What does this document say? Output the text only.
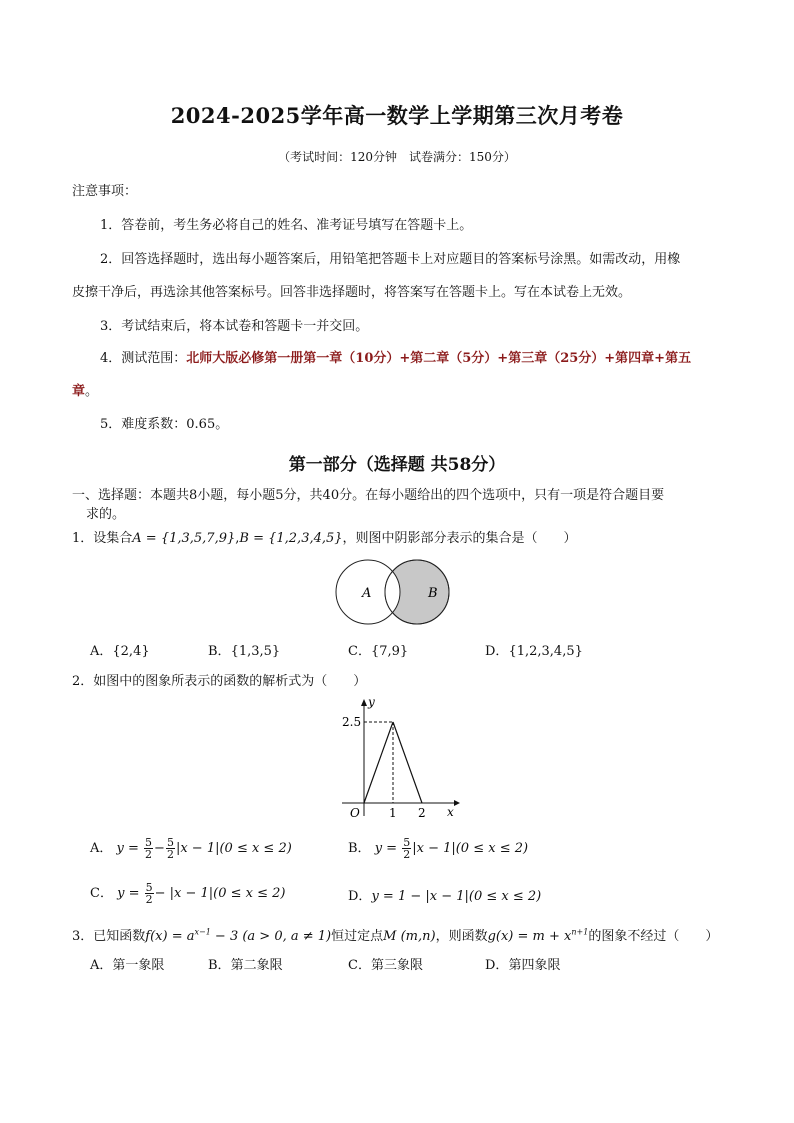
2024-2025学年高一数学上学期第三次月考卷
（考试时间：120分钟　试卷满分：150分）
注意事项：
1．答卷前，考生务必将自己的姓名、准考证号填写在答题卡上。
2．回答选择题时，选出每小题答案后，用铅笔把答题卡上对应题目的答案标号涂黑。如需改动，用橡
皮擦干净后，再选涂其他答案标号。回答非选择题时，将答案写在答题卡上。写在本试卷上无效。
3．考试结束后，将本试卷和答题卡一并交回。
4．测试范围：北师大版必修第一册第一章（10分）+第二章（5分）+第三章（25分）+第四章+第五
章。
5．难度系数：0.65。
第一部分（选择题 共58分）
一、选择题：本题共8小题，每小题5分，共40分。在每小题给出的四个选项中，只有一项是符合题目要
求的。
1．设集合A = {1,3,5,7,9},B = {1,2,3,4,5}，则图中阴影部分表示的集合是（　　）
A	B
A．{2,4}	B．{1,3,5}	C．{7,9}	D．{1,2,3,4,5}
2．如图中的图象所表示的函数的解析式为（　　）
y
x
O
2.5
1 2
A． $y = \frac{5}{2} - \frac{5}{2} |x - 1|(0 \le x \le 2)$	B． $y = \frac{5}{2} |x - 1|(0 \le x \le 2)$
C． $y = \frac{5}{2} - |x - 1|(0 \le x \le 2)$	D．y = 1 − |x − 1|(0 ≤ x ≤ 2)
3．已知函数$f(x) = a^{x-1} - 3$ (a > 0, a ≠ 1)恒过定点M (m,n)，则函数$g(x) = m + x^{n+1}$的图象不经过（　　）
A．第一象限	B．第二象限	C．第三象限	D．第四象限
